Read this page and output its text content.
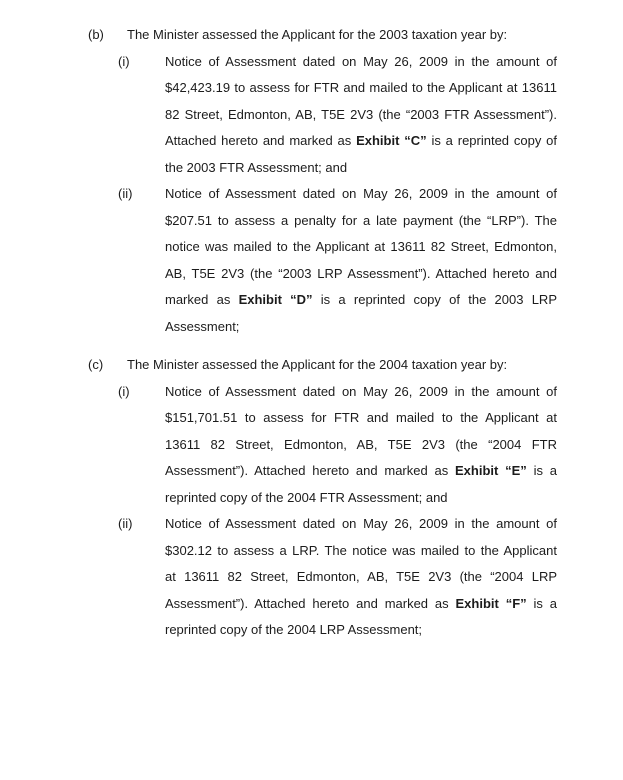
(b)	The Minister assessed the Applicant for the 2003 taxation year by:
(i)	Notice of Assessment dated on May 26, 2009 in the amount of
$42,423.19 to assess for FTR and mailed to the Applicant at 13611
82 Street, Edmonton, AB, T5E 2V3 (the “2003 FTR Assessment”).
Attached hereto and marked as Exhibit “C” is a reprinted copy of
the 2003 FTR Assessment; and
(ii)	Notice of Assessment dated on May 26, 2009 in the amount of
$207.51 to assess a penalty for a late payment (the “LRP”). The
notice was mailed to the Applicant at 13611 82 Street, Edmonton,
AB, T5E 2V3 (the “2003 LRP Assessment”). Attached hereto and
marked as Exhibit “D” is a reprinted copy of the 2003 LRP
Assessment;
(c)	The Minister assessed the Applicant for the 2004 taxation year by:
(i)	Notice of Assessment dated on May 26, 2009 in the amount of
$151,701.51 to assess for FTR and mailed to the Applicant at
13611 82 Street, Edmonton, AB, T5E 2V3 (the “2004 FTR
Assessment”). Attached hereto and marked as Exhibit “E” is a
reprinted copy of the 2004 FTR Assessment; and
(ii)	Notice of Assessment dated on May 26, 2009 in the amount of
$302.12 to assess a LRP. The notice was mailed to the Applicant
at 13611 82 Street, Edmonton, AB, T5E 2V3 (the “2004 LRP
Assessment”). Attached hereto and marked as Exhibit “F” is a
reprinted copy of the 2004 LRP Assessment;
